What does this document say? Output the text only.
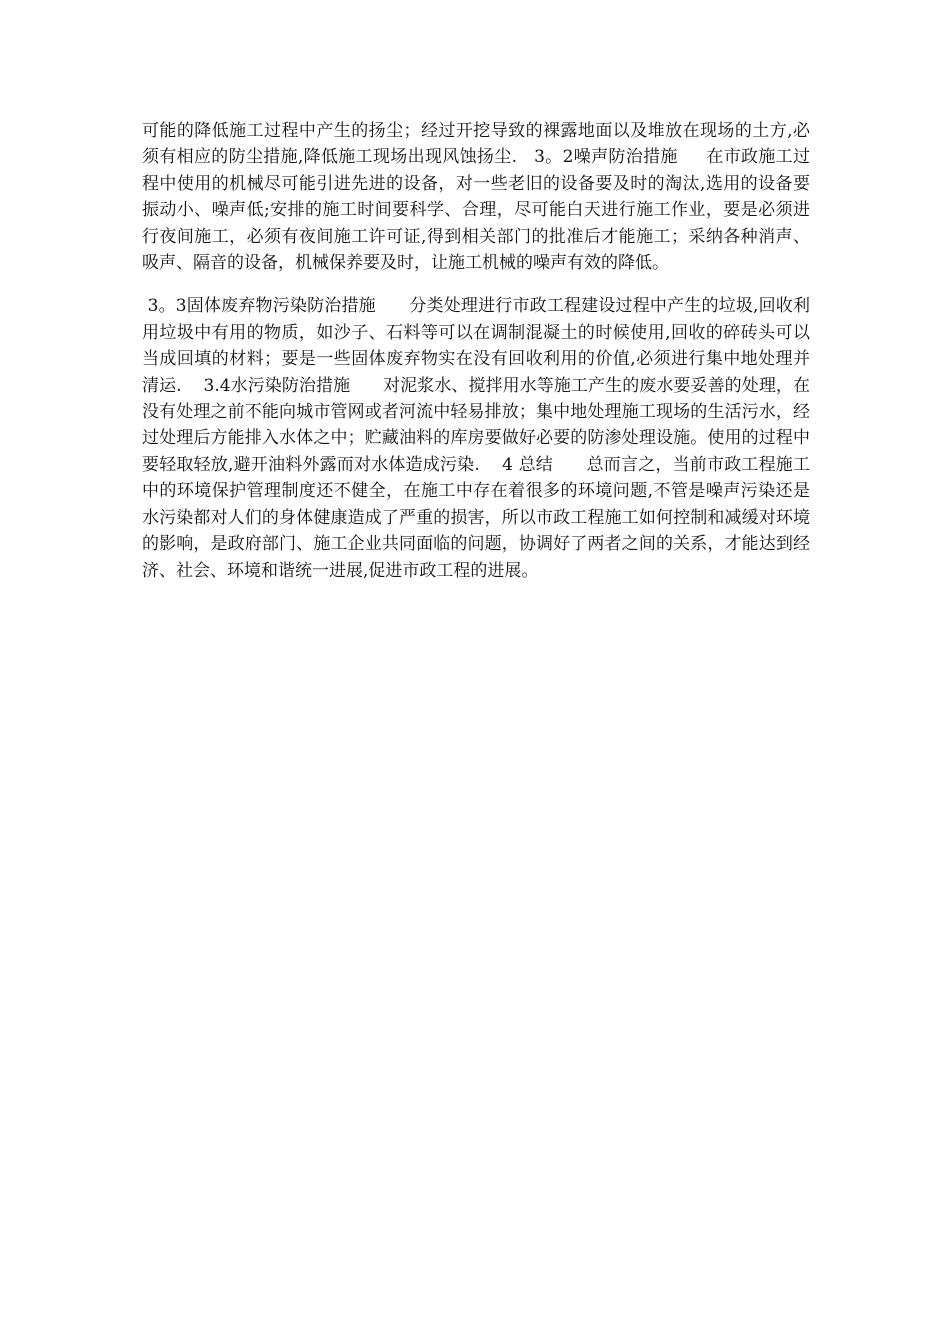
可能的降低施工过程中产生的扬尘；经过开挖导致的裸露地面以及堆放在现场的土方,必须有相应的防尘措施,降低施工现场出现风蚀扬尘.   3。2噪声防治措施     在市政施工过程中使用的机械尽可能引进先进的设备，对一些老旧的设备要及时的淘汰,选用的设备要振动小、噪声低;安排的施工时间要科学、合理，尽可能白天进行施工作业，要是必须进行夜间施工，必须有夜间施工许可证,得到相关部门的批准后才能施工；采纳各种消声、吸声、隔音的设备，机械保养要及时，让施工机械的噪声有效的降低。

3。3固体废弃物污染防治措施      分类处理进行市政工程建设过程中产生的垃圾,回收利用垃圾中有用的物质，如沙子、石料等可以在调制混凝土的时候使用,回收的碎砖头可以当成回填的材料；要是一些固体废弃物实在没有回收利用的价值,必须进行集中地处理并清运.    3.4水污染防治措施      对泥浆水、搅拌用水等施工产生的废水要妥善的处理，在没有处理之前不能向城市管网或者河流中轻易排放；集中地处理施工现场的生活污水，经过处理后方能排入水体之中；贮藏油料的库房要做好必要的防渗处理设施。使用的过程中要轻取轻放,避开油料外露而对水体造成污染.    4 总结      总而言之，当前市政工程施工中的环境保护管理制度还不健全，在施工中存在着很多的环境问题,不管是噪声污染还是水污染都对人们的身体健康造成了严重的损害，所以市政工程施工如何控制和减缓对环境的影响，是政府部门、施工企业共同面临的问题，协调好了两者之间的关系，才能达到经济、社会、环境和谐统一进展,促进市政工程的进展。
